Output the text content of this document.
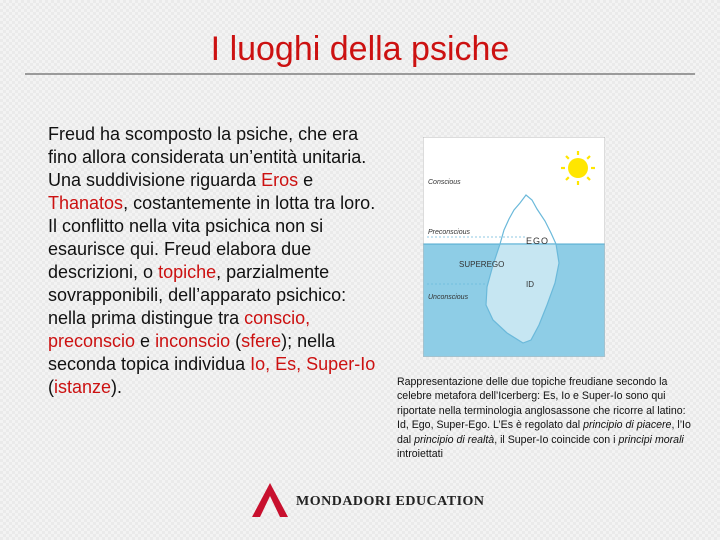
I luoghi della psiche
Freud ha scomposto la psiche, che era fino allora considerata un’entità unitaria. Una suddivisione riguarda Eros e Thanatos, costantemente in lotta tra loro. Il conflitto nella vita psichica non si esaurisce qui. Freud elabora due descrizioni, o topiche, parzialmente sovrapponibili, dell’apparato psichico: nella prima distingue tra conscio, preconscio e inconscio (sfere); nella seconda topica individua Io, Es, Super-Io (istanze).
Conscious
Preconscious
Unconscious
EGO
SUPEREGO
ID
Rappresentazione delle due topiche freudiane secondo la celebre metafora dell’Icerberg: Es, Io e Super-Io sono qui riportate nella terminologia anglosassone che ricorre al latino: Id, Ego, Super-Ego. L’Es è regolato dal principio di piacere, l’Io dal principio di realtà, il Super-Io coincide con i principi morali introiettati
MONDADORI EDUCATION
